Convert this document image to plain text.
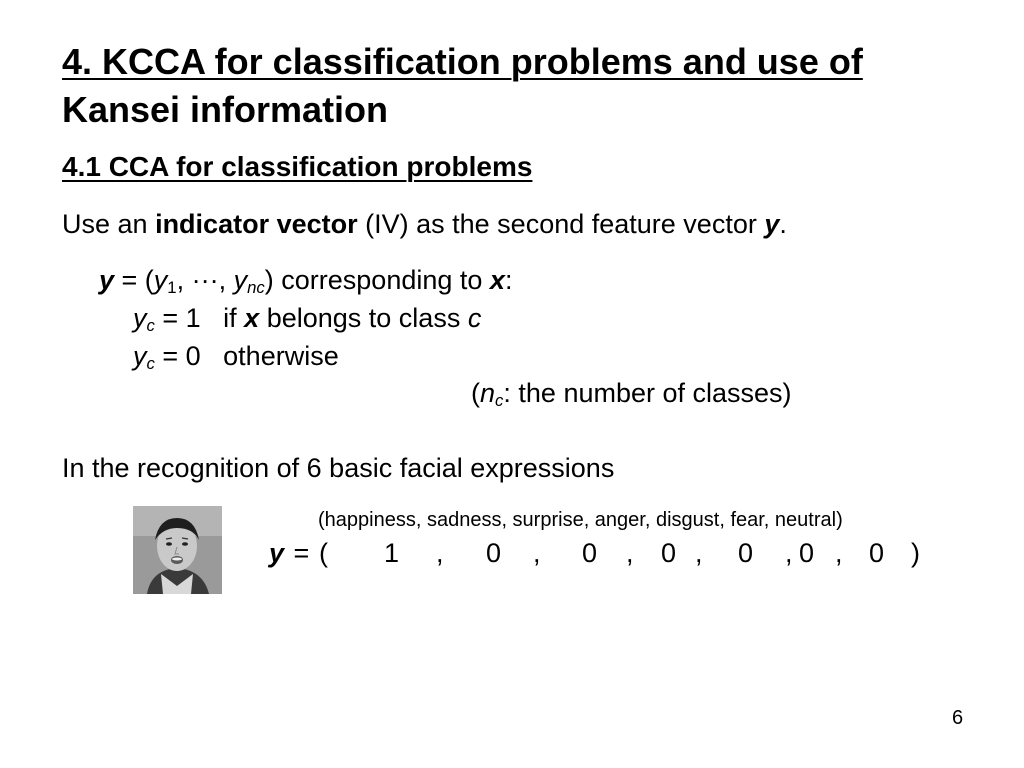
4. KCCA for classification problems and use of
Kansei information
4.1 CCA for classification problems
Use an indicator vector (IV) as the second feature vector y.
$y = (y_1$, ···, $y_{nc}$) corresponding to x:
$y_c = 1$   if x belongs to class c
$y_c = 0$   otherwise
($n_c$: the number of classes)
In the recognition of 6 basic facial expressions
(happiness, sadness, surprise, anger, disgust, fear, neutral)
y = ( 1 , 0 , 0 , 0 , 0 , 0 , 0 )
6
